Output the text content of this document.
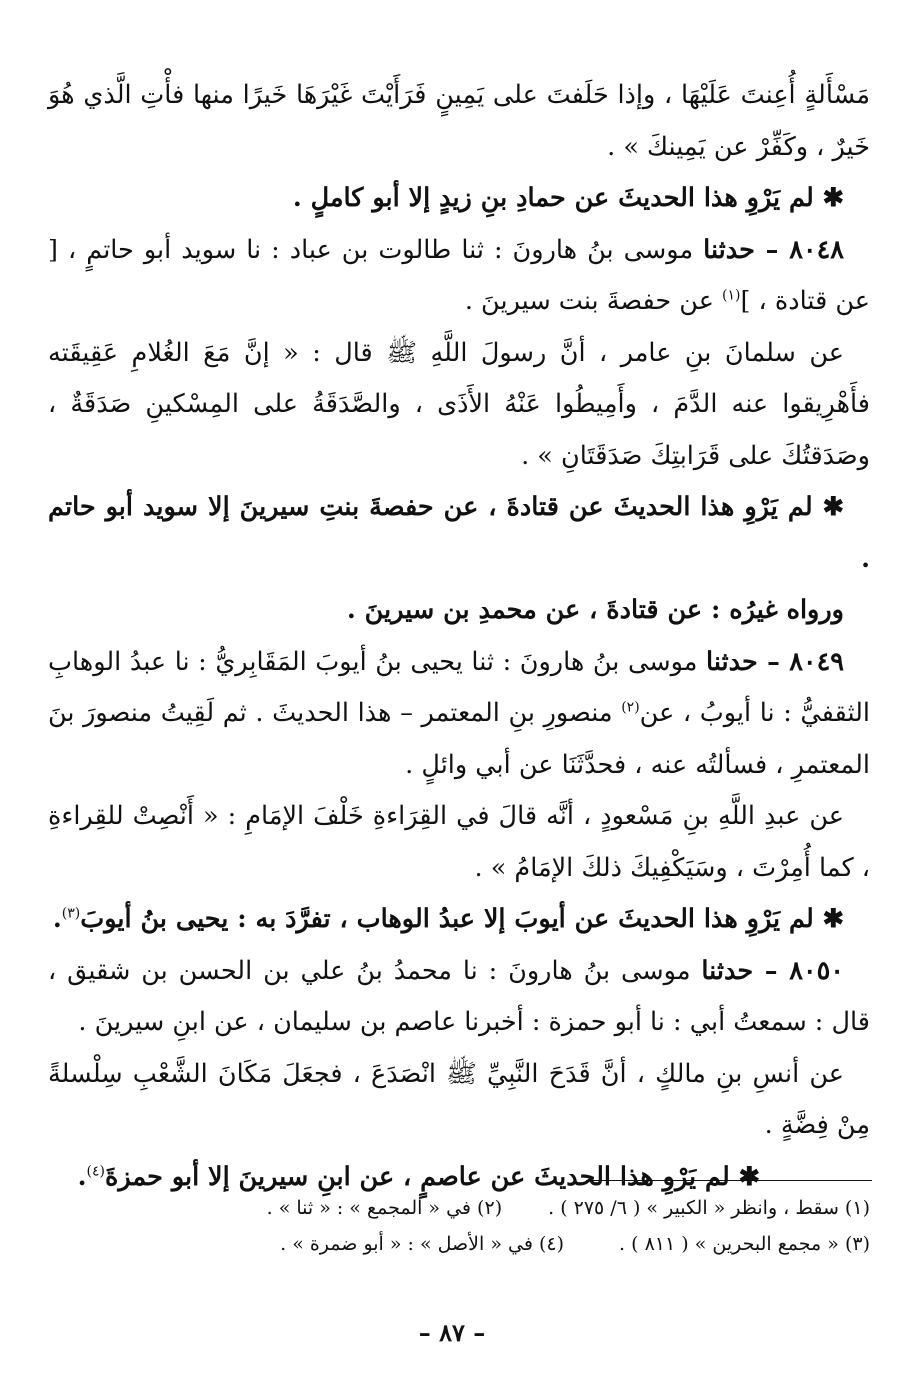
مَسْأَلةٍ أُعِنتَ عَلَيْهَا ، وإذا حَلَفتَ على يَمِينٍ فَرَأَيْتَ غَيْرَهَا خَيرًا منها فأْتِ الَّذي هُوَ خَيرٌ ، وكَفِّرْ عن يَمِينكَ » .

✱ لم يَرْوِ هذا الحديثَ عن حمادِ بنِ زيدٍ إلا أبو كاملٍ .

٨٠٤٨ – حدثنا موسى بنُ هارونَ : ثنا طالوت بن عباد : نا سويد أبو حاتمٍ ، [ عن قتادة ، ]$^{(١)}$ عن حفصةَ بنت سيرينَ .

عن سلمانَ بنِ عامر ، أنَّ رسولَ اللَّهِ ﷺ قال : « إنَّ مَعَ الغُلامِ عَقِيقَته فأَهْرِيقوا عنه الدَّمَ ، وأَمِيطُوا عَنْهُ الأَذَى ، والصَّدَقَةُ على المِسْكينِ صَدَقَةٌ ، وصَدَقتُكَ على قَرَابتِكَ صَدَقَتَانِ » .

✱ لم يَرْوِ هذا الحديثَ عن قتادةَ ، عن حفصةَ بنتِ سيرينَ إلا سويد أبو حاتم .

ورواه غيرُه : عن قتادةَ ، عن محمدِ بن سيرينَ .

٨٠٤٩ – حدثنا موسى بنُ هارونَ : ثنا يحيى بنُ أيوبَ المَقَابِريُّ : نا عبدُ الوهابِ الثقفيُّ : نا أيوبُ ، عن$^{(٢)}$ منصورِ بنِ المعتمر – هذا الحديثَ . ثم لَقِيتُ منصورَ بنَ المعتمرِ ، فسألتُه عنه ، فحدَّثَنَا عن أبي وائلٍ .

عن عبدِ اللَّهِ بنِ مَسْعودٍ ، أنَّه قالَ في القِرَاءةِ خَلْفَ الإمَامِ : « أَنْصِتْ للقِراءةِ ، كما أُمِرْتَ ، وسَيَكْفِيكَ ذلكَ الإمَامُ » .

✱ لم يَرْوِ هذا الحديثَ عن أيوبَ إلا عبدُ الوهاب ، تفرَّدَ به : يحيى بنُ أيوبَ$^{(٣)}$.

٨٠٥٠ – حدثنا موسى بنُ هارونَ : نا محمدُ بنُ علي بن الحسن بن شقيق ، قال : سمعتُ أبي : نا أبو حمزة : أخبرنا عاصم بن سليمان ، عن ابنِ سيرينَ .

عن أنسِ بنِ مالكٍ ، أنَّ قَدَحَ النَّبِيِّ ﷺ انْصَدَعَ ، فجعَلَ مَكَانَ الشَّعْبِ سِلْسلةً مِنْ فِضَّةٍ .

✱ لم يَرْوِ هذا الحديثَ عن عاصمٍ ، عن ابنِ سيرينَ إلا أبو حمزةَ$^{(٤)}$.

(١) سقط ، وانظر « الكبير » ( ٦/ ٢٧٥ ) .
(٢) في « المجمع » : « ثنا » .
(٣) « مجمع البحرين » ( ٨١١ ) .
(٤) في « الأصل » : « أبو ضمرة » .
– ٨٧ –
